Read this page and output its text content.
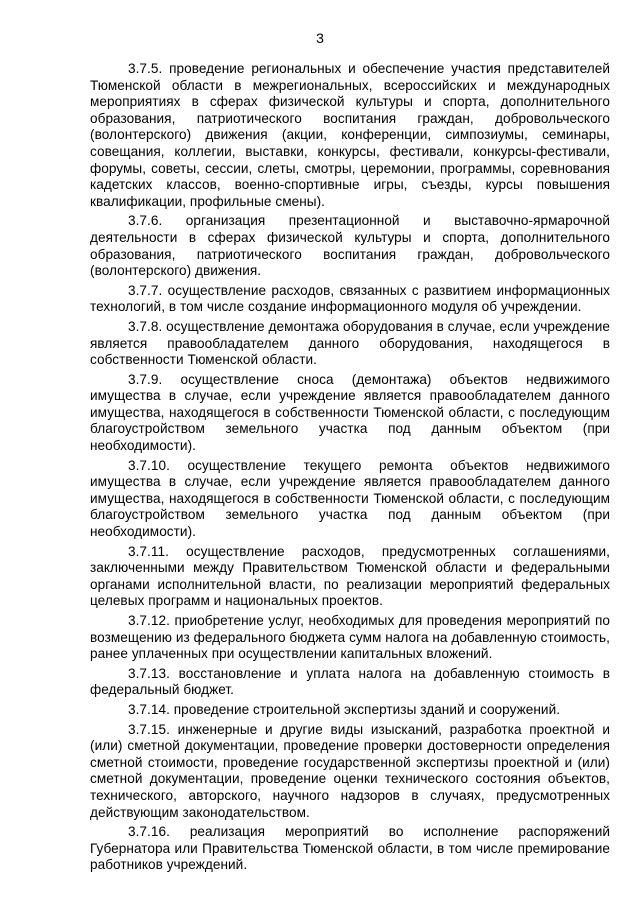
3

3.7.5. проведение региональных и обеспечение участия представителей Тюменской области в межрегиональных, всероссийских и международных мероприятиях в сферах физической культуры и спорта, дополнительного образования, патриотического воспитания граждан, добровольческого (волонтерского) движения (акции, конференции, симпозиумы, семинары, совещания, коллегии, выставки, конкурсы, фестивали, конкурсы-фестивали, форумы, советы, сессии, слеты, смотры, церемонии, программы, соревнования кадетских классов, военно-спортивные игры, съезды, курсы повышения квалификации, профильные смены).

3.7.6. организация презентационной и выставочно-ярмарочной деятельности в сферах физической культуры и спорта, дополнительного образования, патриотического воспитания граждан, добровольческого (волонтерского) движения.

3.7.7. осуществление расходов, связанных с развитием информационных технологий, в том числе создание информационного модуля об учреждении.

3.7.8. осуществление демонтажа оборудования в случае, если учреждение является правообладателем данного оборудования, находящегося в собственности Тюменской области.

3.7.9. осуществление сноса (демонтажа) объектов недвижимого имущества в случае, если учреждение является правообладателем данного имущества, находящегося в собственности Тюменской области, с последующим благоустройством земельного участка под данным объектом (при необходимости).

3.7.10. осуществление текущего ремонта объектов недвижимого имущества в случае, если учреждение является правообладателем данного имущества, находящегося в собственности Тюменской области, с последующим благоустройством земельного участка под данным объектом (при необходимости).

3.7.11. осуществление расходов, предусмотренных соглашениями, заключенными между Правительством Тюменской области и федеральными органами исполнительной власти, по реализации мероприятий федеральных целевых программ и национальных проектов.

3.7.12. приобретение услуг, необходимых для проведения мероприятий по возмещению из федерального бюджета сумм налога на добавленную стоимость, ранее уплаченных при осуществлении капитальных вложений.

3.7.13. восстановление и уплата налога на добавленную стоимость в федеральный бюджет.

3.7.14. проведение строительной экспертизы зданий и сооружений.

3.7.15. инженерные и другие виды изысканий, разработка проектной и (или) сметной документации, проведение проверки достоверности определения сметной стоимости, проведение государственной экспертизы проектной и (или) сметной документации, проведение оценки технического состояния объектов, технического, авторского, научного надзоров в случаях, предусмотренных действующим законодательством.

3.7.16. реализация мероприятий во исполнение распоряжений Губернатора или Правительства Тюменской области, в том числе премирование работников учреждений.
